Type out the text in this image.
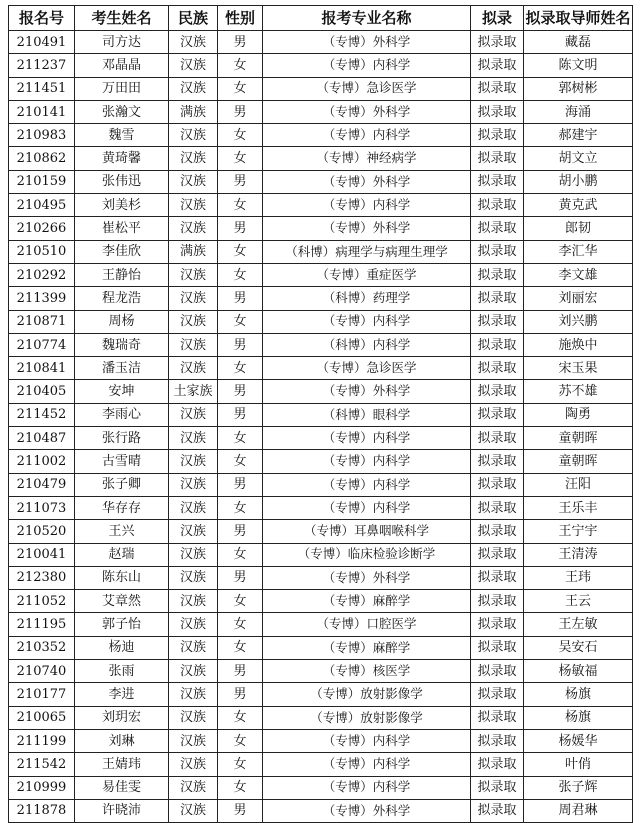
报名号	考生姓名	民族	性别	报考专业名称	拟录	拟录取导师姓名
210491	司方达	汉族	男	（专博）外科学	拟录取	藏磊
211237	邓晶晶	汉族	女	（专博）内科学	拟录取	陈文明
211451	万田田	汉族	女	（专博）急诊医学	拟录取	郭树彬
210141	张瀚文	满族	男	（专博）外科学	拟录取	海涌
210983	魏雪	汉族	女	（专博）内科学	拟录取	郝建宇
210862	黄琦馨	汉族	女	（专博）神经病学	拟录取	胡文立
210159	张伟迅	汉族	男	（专博）外科学	拟录取	胡小鹏
210495	刘美杉	汉族	女	（专博）内科学	拟录取	黄克武
210266	崔松平	汉族	男	（专博）外科学	拟录取	郎韧
210510	李佳欣	满族	女	（科博）病理学与病理生理学	拟录取	李汇华
210292	王静怡	汉族	女	（专博）重症医学	拟录取	李文雄
211399	程龙浩	汉族	男	（科博）药理学	拟录取	刘丽宏
210871	周杨	汉族	女	（专博）内科学	拟录取	刘兴鹏
210774	魏瑞奇	汉族	男	（科博）内科学	拟录取	施焕中
210841	潘玉洁	汉族	女	（专博）急诊医学	拟录取	宋玉果
210405	安坤	土家族	男	（专博）外科学	拟录取	苏不雄
211452	李雨心	汉族	男	（科博）眼科学	拟录取	陶勇
210487	张行路	汉族	女	（专博）内科学	拟录取	童朝晖
211002	古雪晴	汉族	女	（专博）内科学	拟录取	童朝晖
210479	张子卿	汉族	男	（专博）内科学	拟录取	汪阳
211073	华存存	汉族	女	（专博）内科学	拟录取	王乐丰
210520	王兴	汉族	男	（专博）耳鼻咽喉科学	拟录取	王宁宇
210041	赵瑞	汉族	女	（专博）临床检验诊断学	拟录取	王清涛
212380	陈东山	汉族	男	（专博）外科学	拟录取	王玮
211052	艾章然	汉族	女	（专博）麻醉学	拟录取	王云
211195	郭子怡	汉族	女	（专博）口腔医学	拟录取	王左敏
210352	杨迪	汉族	女	（专博）麻醉学	拟录取	吴安石
210740	张雨	汉族	男	（专博）核医学	拟录取	杨敏福
210177	李进	汉族	男	（专博）放射影像学	拟录取	杨旗
210065	刘玥宏	汉族	女	（专博）放射影像学	拟录取	杨旗
211199	刘琳	汉族	女	（专博）内科学	拟录取	杨媛华
211542	王婧玮	汉族	女	（专博）内科学	拟录取	叶俏
210999	易佳雯	汉族	女	（专博）内科学	拟录取	张子辉
211878	许晓沛	汉族	男	（专博）外科学	拟录取	周君琳
